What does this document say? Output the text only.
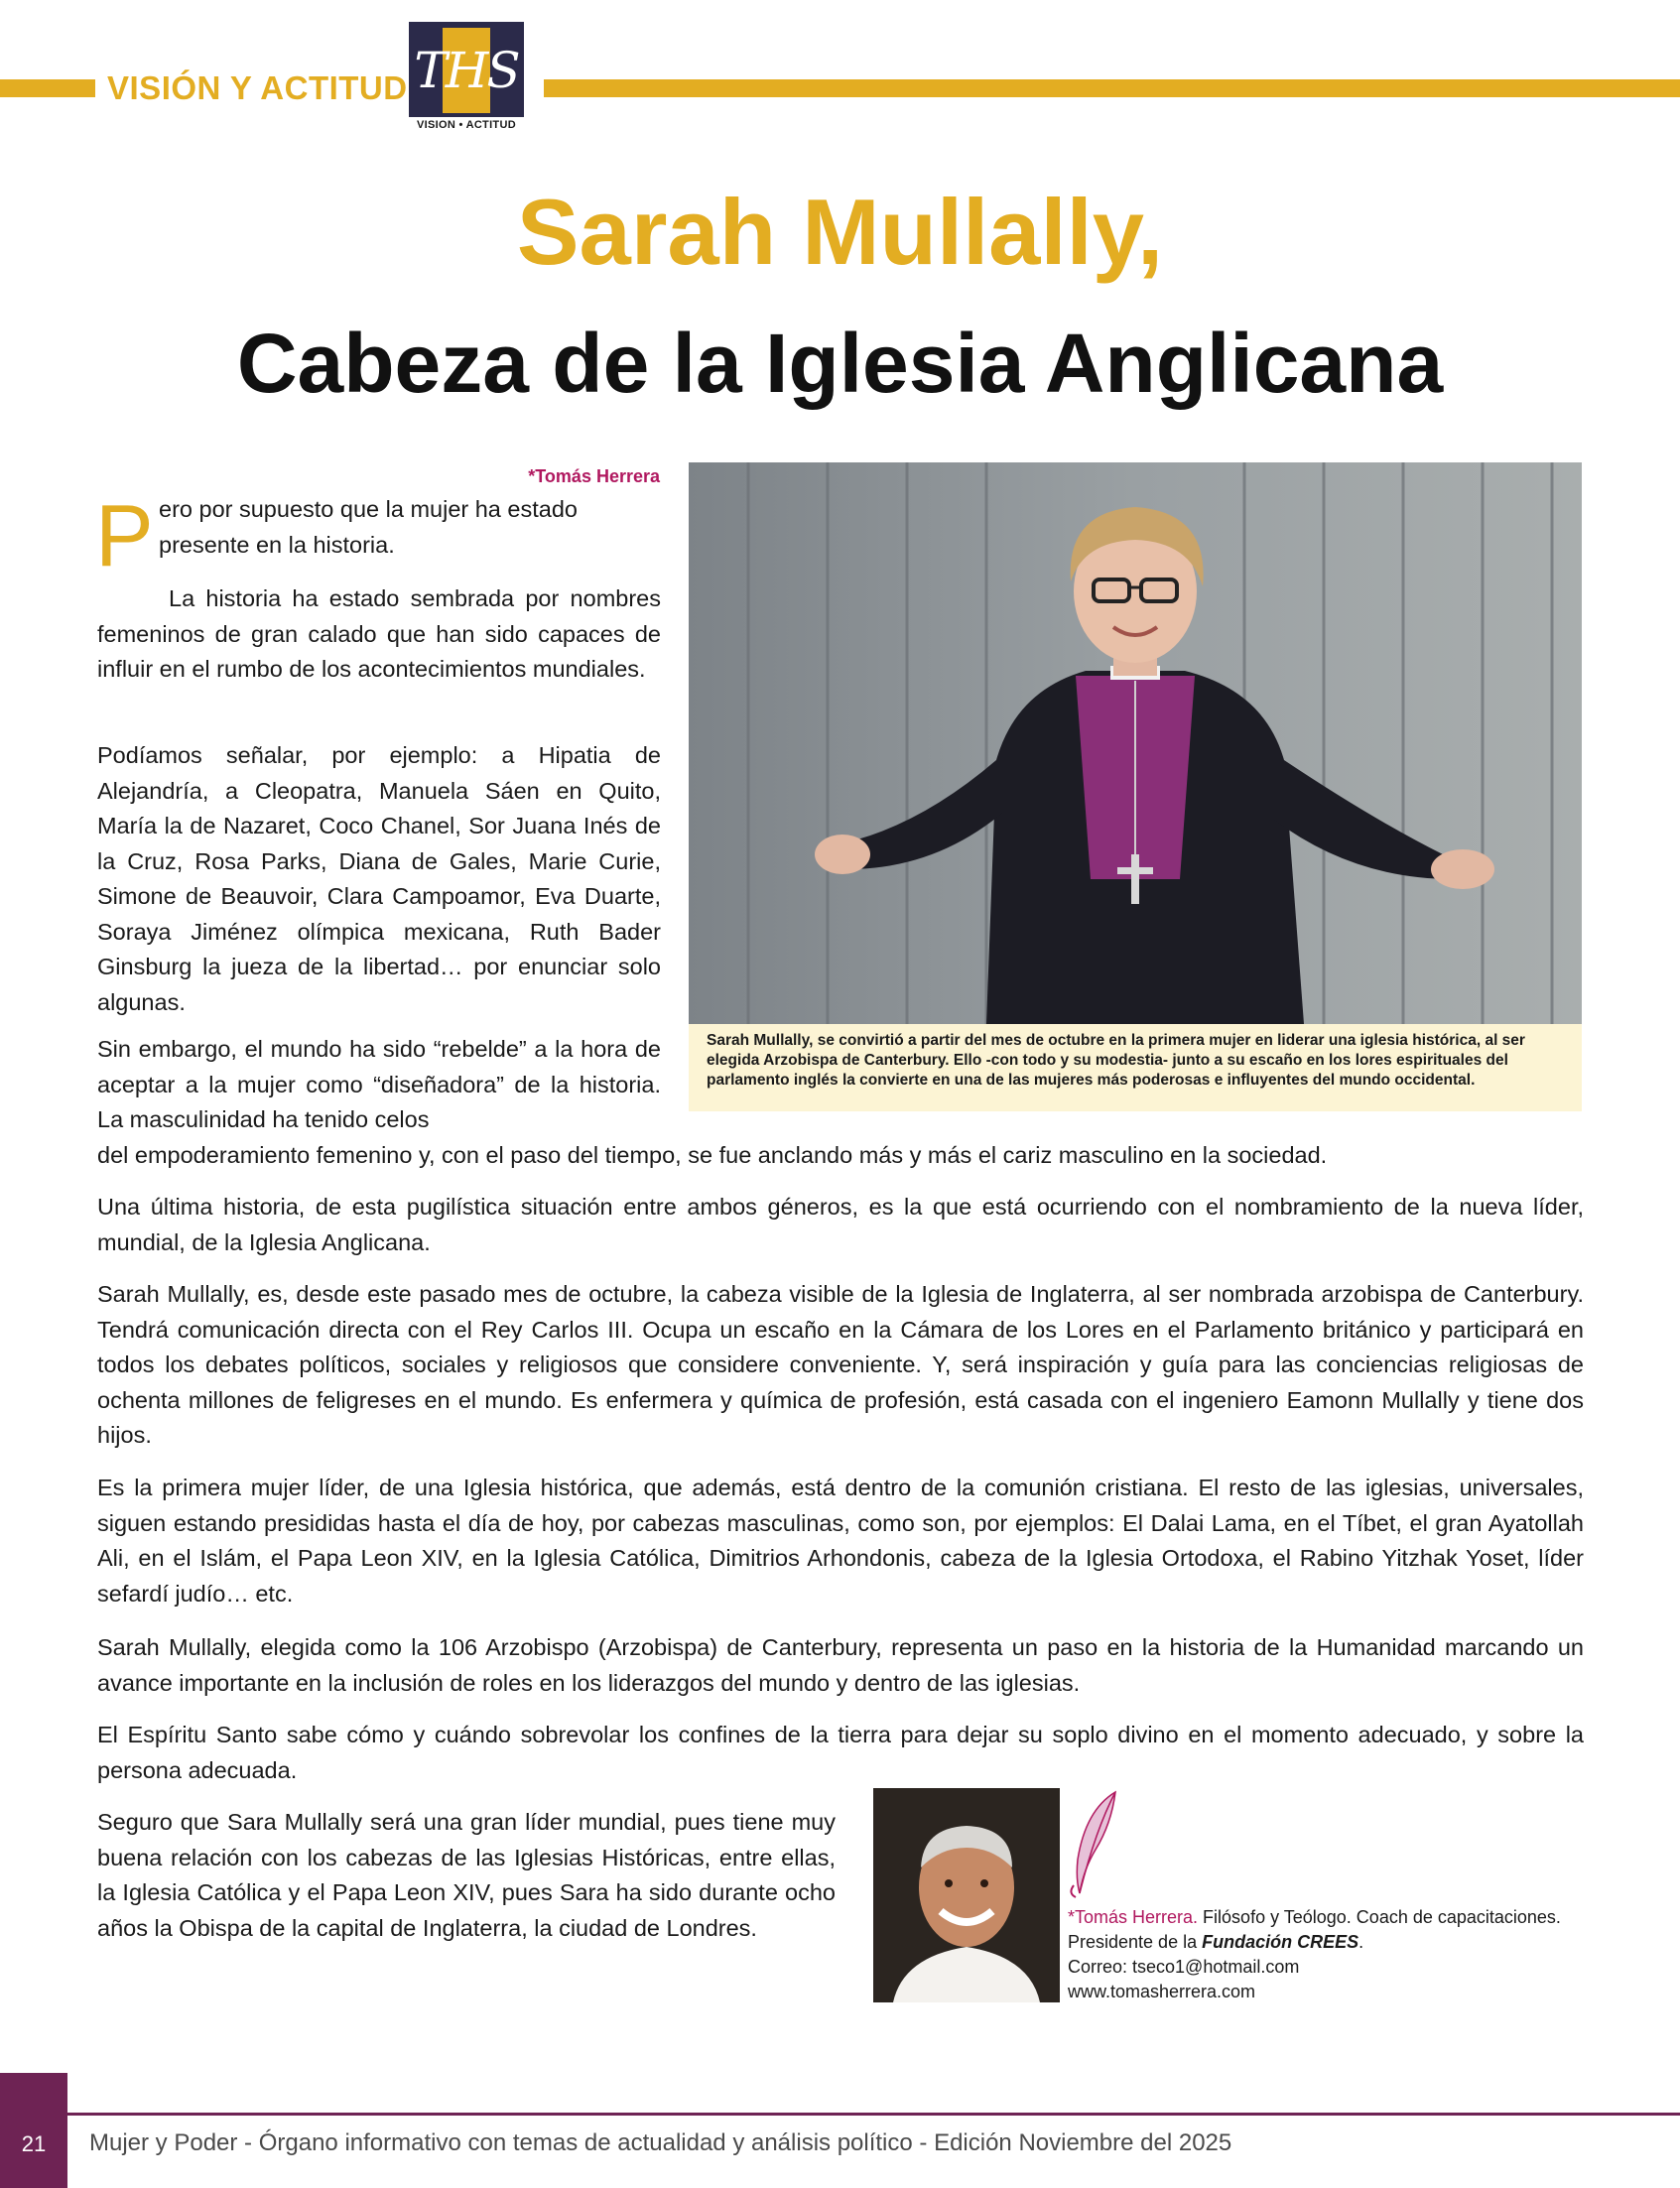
VISIÓN Y ACTITUD THS
VISION • ACTITUD
Sarah Mullally,
Cabeza de la Iglesia Anglicana
*Tomás Herrera
P ero por supuesto que la mujer ha estado
presente en la historia.

La historia ha estado sembrada por nombres femeninos de gran calado que han sido capaces de influir en el rumbo de los acontecimientos mundiales.

Podíamos señalar, por ejemplo: a Hipatia de Alejandría, a Cleopatra, Manuela Sáen en Quito, María la de Nazaret, Coco Chanel, Sor Juana Inés de la Cruz, Rosa Parks, Diana de Gales, Marie Curie, Simone de Beauvoir, Clara Campoamor, Eva Duarte, Soraya Jiménez olímpica mexicana, Ruth Bader Ginsburg la jueza de la libertad… por enunciar solo algunas.

Sin embargo, el mundo ha sido “rebelde” a la hora de aceptar a la mujer como “diseñadora” de la historia. La masculinidad ha tenido celos

Sarah Mullally, se convirtió a partir del mes de octubre en la primera mujer en liderar una iglesia histórica, al ser elegida Arzobispa de Canterbury. Ello -con todo y su modestia- junto a su escaño en los lores espirituales del parlamento inglés la convierte en una de las mujeres más poderosas e influyentes del mundo occidental.

del empoderamiento femenino y, con el paso del tiempo, se fue anclando más y más el cariz masculino en la sociedad.

Una última historia, de esta pugilística situación entre ambos géneros, es la que está ocurriendo con el nombramiento de la nueva líder, mundial, de la Iglesia Anglicana.

Sarah Mullally, es, desde este pasado mes de octubre, la cabeza visible de la Iglesia de Inglaterra, al ser nombrada arzobispa de Canterbury. Tendrá comunicación directa con el Rey Carlos III. Ocupa un escaño en la Cámara de los Lores en el Parlamento británico y participará en todos los debates políticos, sociales y religiosos que considere conveniente. Y, será inspiración y guía para las conciencias religiosas de ochenta millones de feligreses en el mundo. Es enfermera y química de profesión, está casada con el ingeniero Eamonn Mullally y tiene dos hijos.

Es la primera mujer líder, de una Iglesia histórica, que además, está dentro de la comunión cristiana. El resto de las iglesias, universales, siguen estando presididas hasta el día de hoy, por cabezas masculinas, como son, por ejemplos: El Dalai Lama, en el Tíbet, el gran Ayatollah Ali, en el Islám, el Papa Leon XIV, en la Iglesia Católica, Dimitrios Arhondonis, cabeza de la Iglesia Ortodoxa, el Rabino Yitzhak Yoset, líder sefardí judío… etc.

Sarah Mullally, elegida como la 106 Arzobispo (Arzobispa) de Canterbury, representa un paso en la historia de la Humanidad marcando un avance importante en la inclusión de roles en los liderazgos del mundo y dentro de las iglesias.

El Espíritu Santo sabe cómo y cuándo sobrevolar los confines de la tierra para dejar su soplo divino en el momento adecuado, y sobre la persona adecuada.

Seguro que Sara Mullally será una gran líder mundial, pues tiene muy buena relación con los cabezas de las Iglesias Históricas, entre ellas, la Iglesia Católica y el Papa Leon XIV, pues Sara ha sido durante ocho años la Obispa de la capital de Inglaterra, la ciudad de Londres.	*Tomás Herrera. Filósofo y Teólogo. Coach de capacitaciones.
Presidente de la Fundación CREES.
Correo: tseco1@hotmail.com
www.tomasherrera.com
21	Mujer y Poder - Órgano informativo con temas de actualidad y análisis político - Edición Noviembre del 2025
